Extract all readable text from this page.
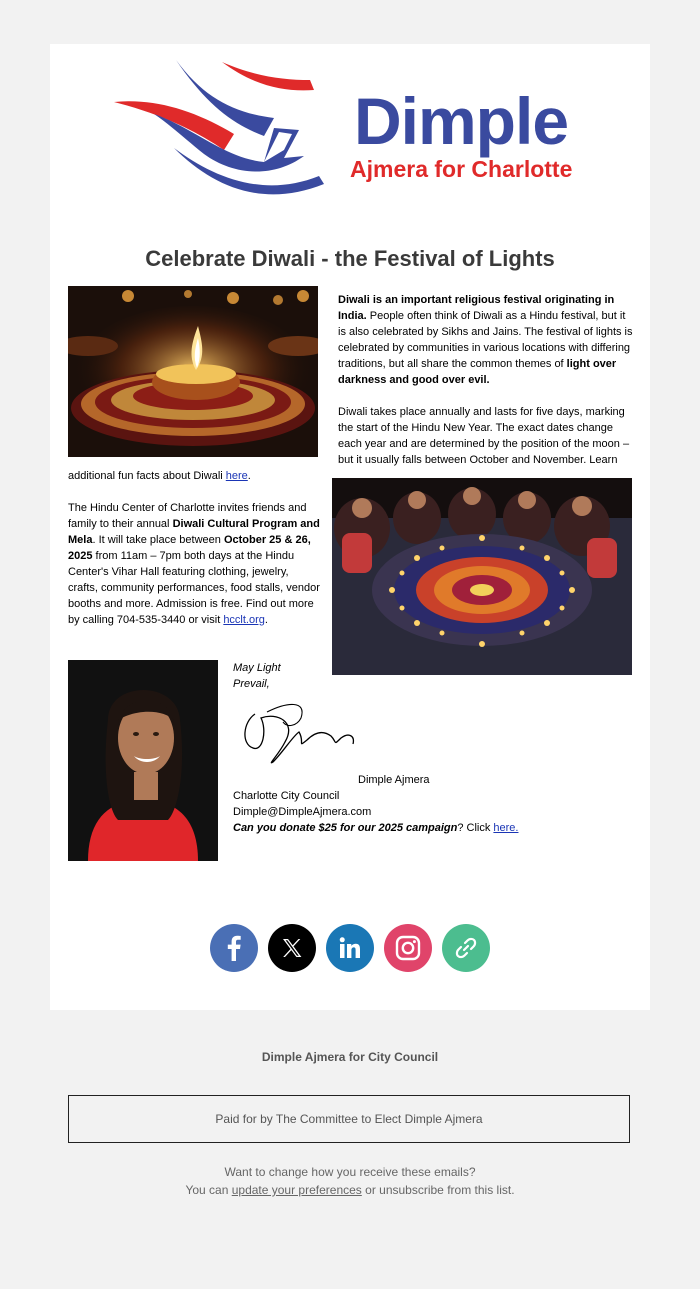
Dimple
Ajmera for Charlotte
Celebrate Diwali - the Festival of Lights

Diwali is an important religious festival originating in India. People often think of Diwali as a Hindu festival, but it is also celebrated by Sikhs and Jains. The festival of lights is celebrated by communities in various locations with differing traditions, but all share the common themes of light over darkness and good over evil.

Diwali takes place annually and lasts for five days, marking the start of the Hindu New Year. The exact dates change each year and are determined by the position of the moon – but it usually falls between October and November. Learn

additional fun facts about Diwali here.

The Hindu Center of Charlotte invites friends and family to their annual Diwali Cultural Program and Mela. It will take place between October 25 & 26, 2025 from 11am – 7pm both days at the Hindu Center's Vihar Hall featuring clothing, jewelry, crafts, community performances, food stalls, vendor booths and more. Admission is free. Find out more by calling 704-535-3440 or visit hcclt.org.

May Light
Prevail,
Dimple Ajmera
Charlotte City Council
Dimple@DimpleAjmera.com
Can you donate $25 for our 2025 campaign? Click here.
Dimple Ajmera for City Council
Paid for by The Committee to Elect Dimple Ajmera
Want to change how you receive these emails?
You can update your preferences or unsubscribe from this list.
